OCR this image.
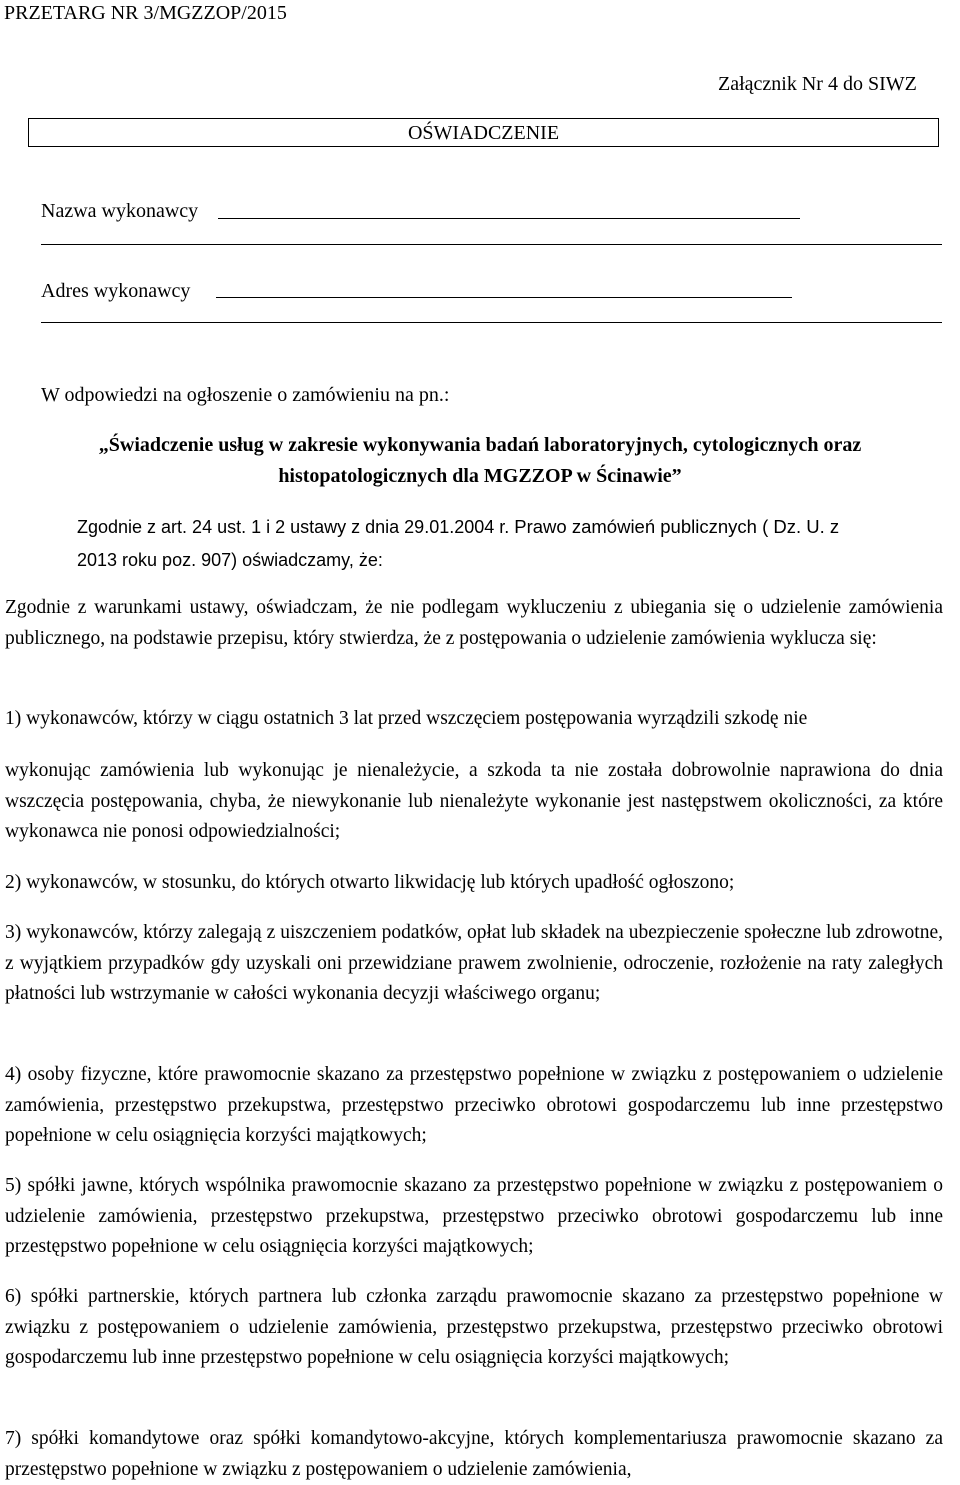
PRZETARG NR 3/MGZZOP/2015
Załącznik Nr 4 do SIWZ
OŚWIADCZENIE
Nazwa wykonawcy
Adres wykonawcy
W odpowiedzi na ogłoszenie o zamówieniu na pn.:
„Świadczenie usług w zakresie wykonywania badań laboratoryjnych, cytologicznych oraz
histopatologicznych dla MGZZOP w Ścinawie”
Zgodnie z art. 24 ust. 1 i 2 ustawy z dnia 29.01.2004 r. Prawo zamówień publicznych ( Dz. U. z
2013 roku poz. 907) oświadczamy, że:

Zgodnie z warunkami ustawy, oświadczam, że nie podlegam wykluczeniu z ubiegania się o udzielenie zamówienia publicznego, na podstawie przepisu, który stwierdza, że z postępowania o udzielenie zamówienia wyklucza się:

1) wykonawców, którzy w ciągu ostatnich 3 lat przed wszczęciem postępowania wyrządzili szkodę nie

wykonując zamówienia lub wykonując je nienależycie, a szkoda ta nie została dobrowolnie naprawiona do dnia wszczęcia postępowania, chyba, że niewykonanie lub nienależyte wykonanie jest następstwem okoliczności, za które wykonawca nie ponosi odpowiedzialności;

2) wykonawców, w stosunku, do których otwarto likwidację lub których upadłość ogłoszono;

3) wykonawców, którzy zalegają z uiszczeniem podatków, opłat lub składek na ubezpieczenie społeczne lub zdrowotne, z wyjątkiem przypadków gdy uzyskali oni przewidziane prawem zwolnienie, odroczenie, rozłożenie na raty zaległych płatności lub wstrzymanie w całości wykonania decyzji właściwego organu;

4) osoby fizyczne, które prawomocnie skazano za przestępstwo popełnione w związku z postępowaniem o udzielenie zamówienia, przestępstwo przekupstwa, przestępstwo przeciwko obrotowi gospodarczemu lub inne przestępstwo popełnione w celu osiągnięcia korzyści majątkowych;

5) spółki jawne, których wspólnika prawomocnie skazano za przestępstwo popełnione w związku z postępowaniem o udzielenie zamówienia, przestępstwo przekupstwa, przestępstwo przeciwko obrotowi gospodarczemu lub inne przestępstwo popełnione w celu osiągnięcia korzyści majątkowych;

6) spółki partnerskie, których partnera lub członka zarządu prawomocnie skazano za przestępstwo popełnione w związku z postępowaniem o udzielenie zamówienia, przestępstwo przekupstwa, przestępstwo przeciwko obrotowi gospodarczemu lub inne przestępstwo popełnione w celu osiągnięcia korzyści majątkowych;

7) spółki komandytowe oraz spółki komandytowo-akcyjne, których komplementariusza prawomocnie skazano za przestępstwo popełnione w związku z postępowaniem o udzielenie zamówienia,
